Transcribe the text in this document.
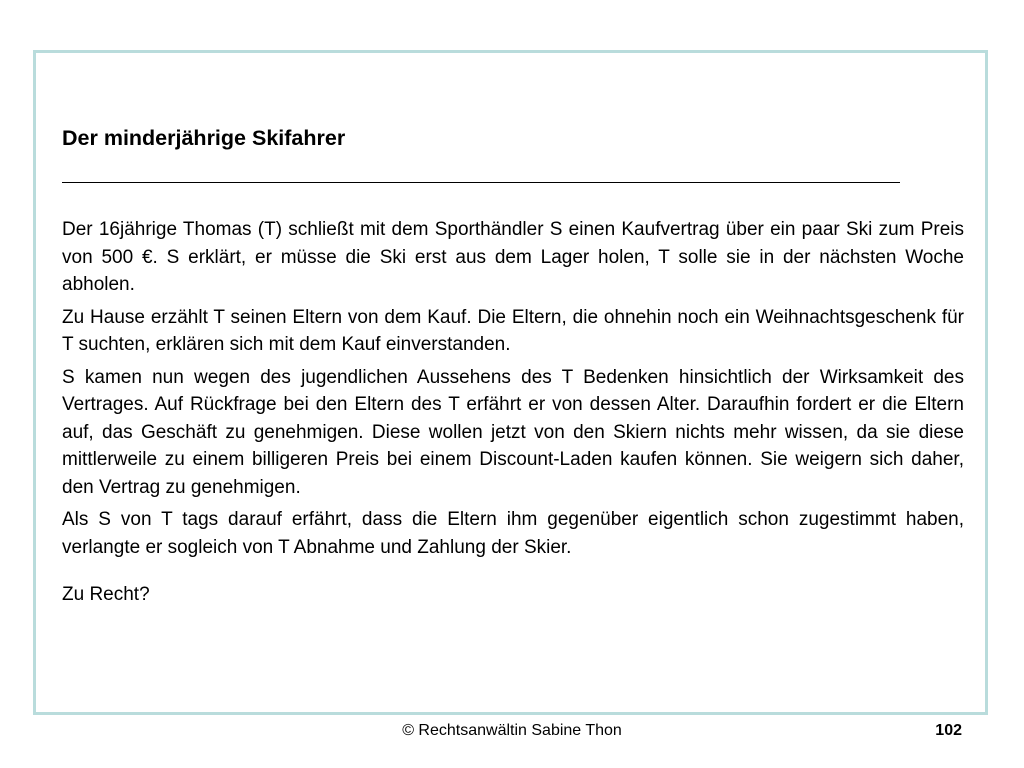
Der minderjährige Skifahrer

Der 16jährige Thomas (T) schließt mit dem Sporthändler S einen Kaufvertrag über ein paar Ski zum Preis von 500 €. S erklärt, er müsse die Ski erst aus dem Lager holen, T solle sie in der nächsten Woche abholen.

Zu Hause erzählt T seinen Eltern von dem Kauf. Die Eltern, die ohnehin noch ein Weihnachtsgeschenk für T suchten, erklären sich mit dem Kauf einverstanden.

S kamen nun wegen des jugendlichen Aussehens des T Bedenken hinsichtlich der Wirksamkeit des Vertrages. Auf Rückfrage bei den Eltern des T erfährt er von dessen Alter. Daraufhin fordert er die Eltern auf, das Geschäft zu genehmigen. Diese wollen jetzt von den Skiern nichts mehr wissen, da sie diese mittlerweile zu einem billigeren Preis bei einem Discount-Laden kaufen können. Sie weigern sich daher, den Vertrag zu genehmigen.

Als S von T tags darauf erfährt, dass die Eltern ihm gegenüber eigentlich schon zugestimmt haben, verlangte er sogleich von T Abnahme und Zahlung der Skier.

Zu Recht?

© Rechtsanwältin Sabine Thon	102
